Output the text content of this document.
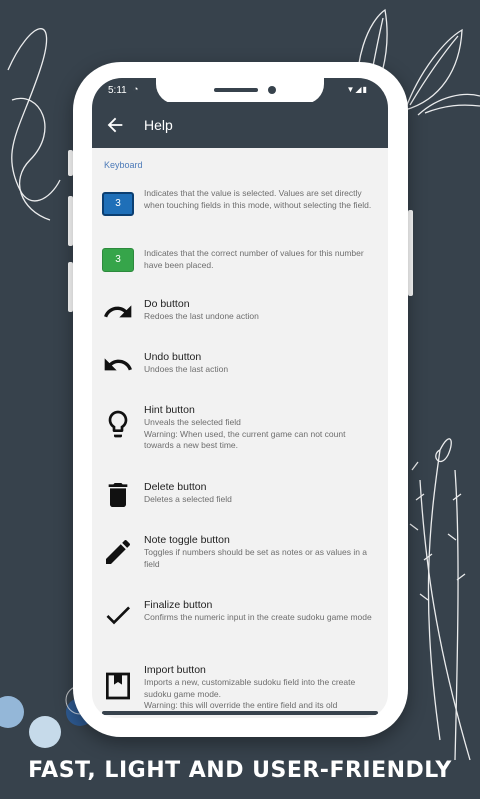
5:11 ◔	▼◢▮
Help
Keyboard
3
Indicates that the value is selected. Values are set directly when touching fields in this mode, without selecting the field.
3
Indicates that the correct number of values for this number have been placed.
Do button
Redoes the last undone action
Undo button
Undoes the last action
Hint button
Unveals the selected field
Warning: When used, the current game can not count towards a new best time.
Delete button
Deletes a selected field
Note toggle button
Toggles if numbers should be set as notes or as values in a field
Finalize button
Confirms the numeric input in the create sudoku game mode
Import button
Imports a new, customizable sudoku field into the create sudoku game mode.
Warning: this will override the entire field and its old
FAST, LIGHT AND USER-FRIENDLY
